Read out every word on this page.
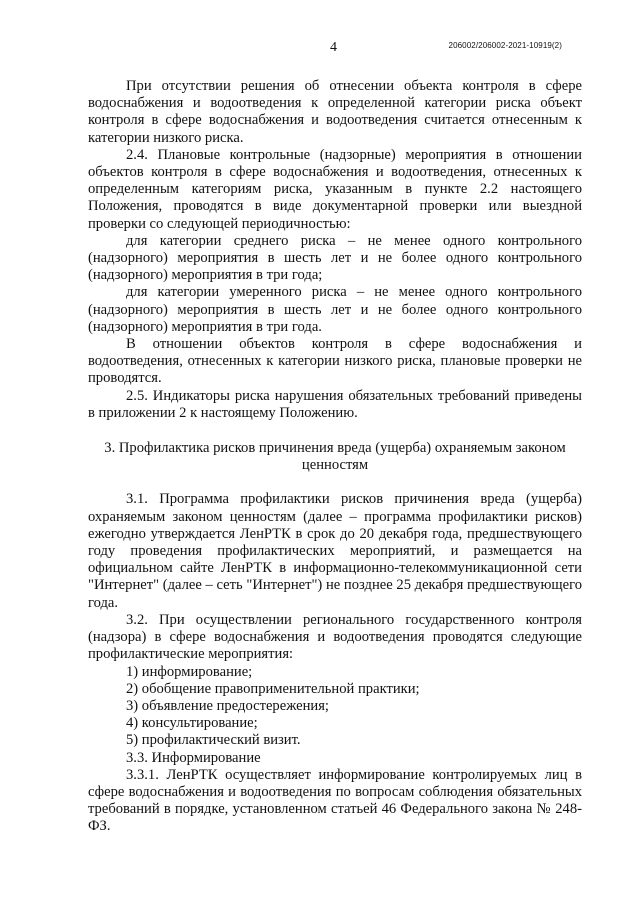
4	206002/206002-2021-10919(2)

При отсутствии решения об отнесении объекта контроля в сфере водоснабжения и водоотведения к определенной категории риска объект контроля в сфере водоснабжения и водоотведения считается отнесенным к категории низкого риска.

2.4. Плановые контрольные (надзорные) мероприятия в отношении объектов контроля в сфере водоснабжения и водоотведения, отнесенных к определенным категориям риска, указанным в пункте 2.2 настоящего Положения, проводятся в виде документарной проверки или выездной проверки со следующей периодичностью:

для категории среднего риска – не менее одного контрольного (надзорного) мероприятия в шесть лет и не более одного контрольного (надзорного) мероприятия в три года;

для категории умеренного риска – не менее одного контрольного (надзорного) мероприятия в шесть лет и не более одного контрольного (надзорного) мероприятия в три года.

В отношении объектов контроля в сфере водоснабжения и водоотведения, отнесенных к категории низкого риска, плановые проверки не проводятся.

2.5. Индикаторы риска нарушения обязательных требований приведены в приложении 2 к настоящему Положению.

3. Профилактика рисков причинения вреда (ущерба) охраняемым законом ценностям

3.1. Программа профилактики рисков причинения вреда (ущерба) охраняемым законом ценностям (далее – программа профилактики рисков) ежегодно утверждается ЛенРТК в срок до 20 декабря года, предшествующего году проведения профилактических мероприятий, и размещается на официальном сайте ЛенРТК в информационно-телекоммуникационной сети "Интернет" (далее – сеть "Интернет") не позднее 25 декабря предшествующего года.

3.2. При осуществлении регионального государственного контроля (надзора) в сфере водоснабжения и водоотведения проводятся следующие профилактические мероприятия:

1) информирование;

2) обобщение правоприменительной практики;

3) объявление предостережения;

4) консультирование;

5) профилактический визит.

3.3. Информирование

3.3.1. ЛенРТК осуществляет информирование контролируемых лиц в сфере водоснабжения и водоотведения по вопросам соблюдения обязательных требований в порядке, установленном статьей 46 Федерального закона № 248-ФЗ.
